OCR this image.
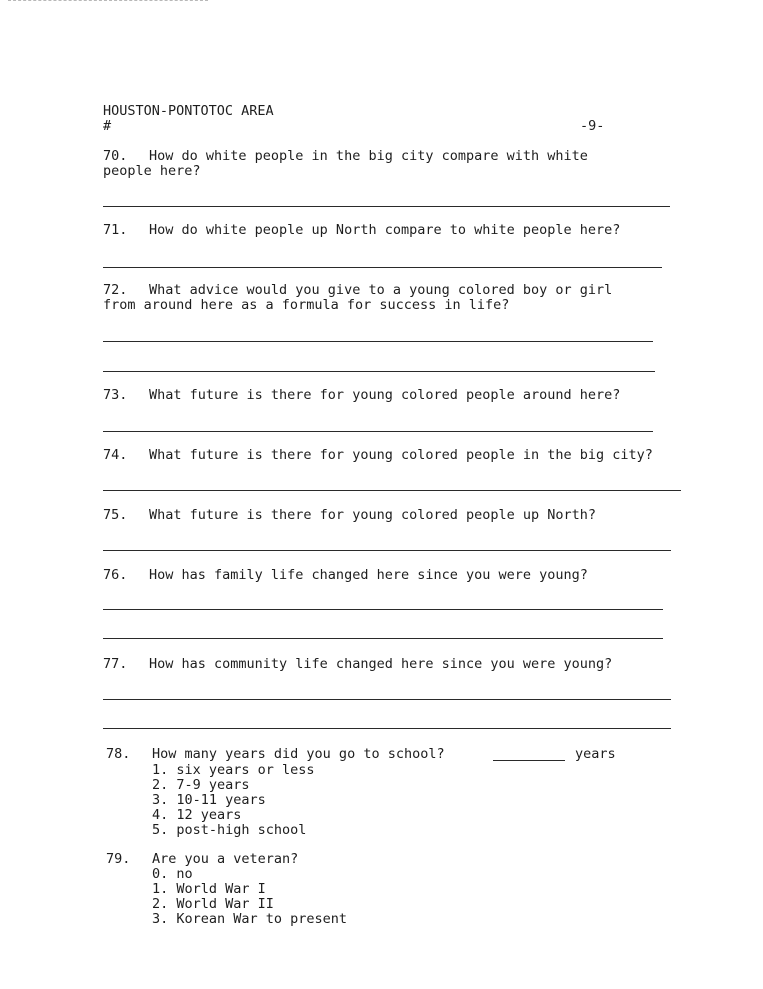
HOUSTON-PONTOTOC AREA
#	-9-
70. How do white people in the big city compare with white
people here?
71. How do white people up North compare to white people here?
72. What advice would you give to a young colored boy or girl
from around here as a formula for success in life?
73. What future is there for young colored people around here?
74. What future is there for young colored people in the big city?
75. What future is there for young colored people up North?
76. How has family life changed here since you were young?
77. How has community life changed here since you were young?
78. How many years did you go to school?	years
1. six years or less
2. 7-9 years
3. 10-11 years
4. 12 years
5. post-high school
79. Are you a veteran?
0. no
1. World War I
2. World War II
3. Korean War to present
